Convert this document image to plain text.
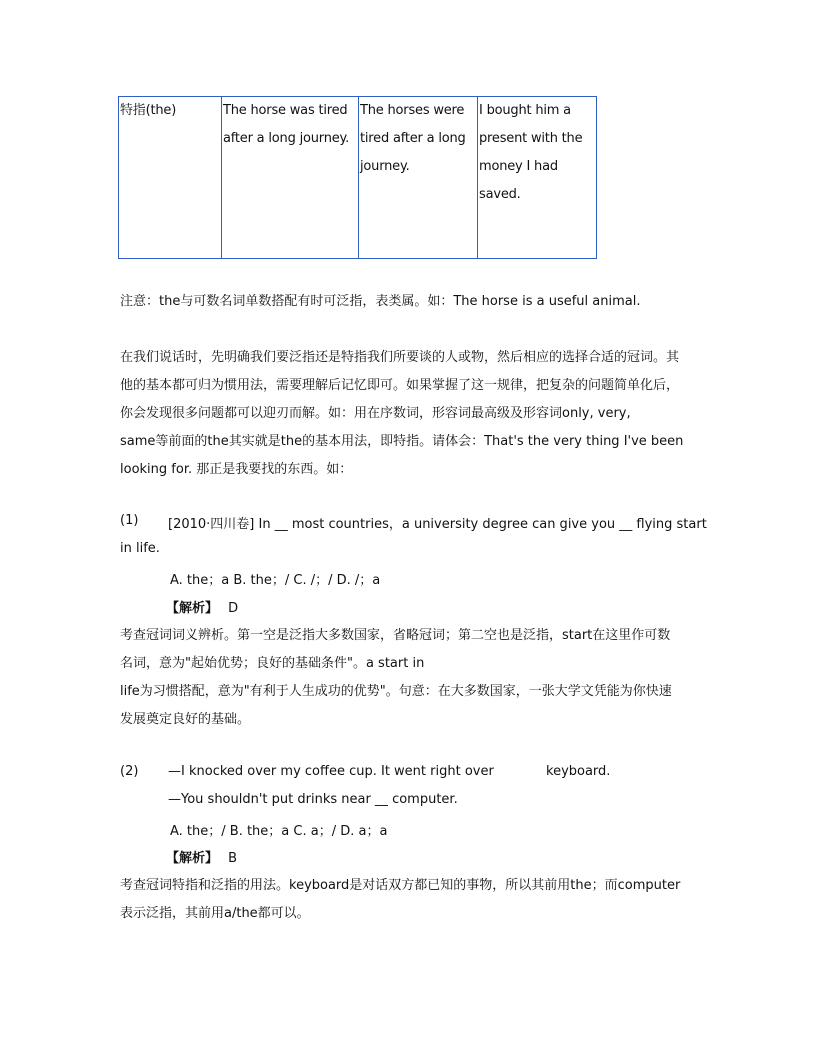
特指(the)	The horse was tired after a long journey.	The horses were tired after a long journey.	I bought him a present with the money I had saved.
注意：the与可数名词单数搭配有时可泛指，表类属。如：The horse is a useful animal.
在我们说话时，先明确我们要泛指还是特指我们所要谈的人或物，然后相应的选择合适的冠词。其
他的基本都可归为惯用法，需要理解后记忆即可。如果掌握了这一规律，把复杂的问题简单化后，
你会发现很多问题都可以迎刃而解。如：用在序数词，形容词最高级及形容词only, very,
same等前面的the其实就是the的基本用法，即特指。请体会：That's the very thing I've been
looking for. 那正是我要找的东西。如：
(1) [2010·四川卷] In __ most countries，a university degree can give you __ flying start
in life.
A. the；a B. the；/ C. /；/ D. /；a
【解析】 D
考查冠词词义辨析。第一空是泛指大多数国家，省略冠词；第二空也是泛指，start在这里作可数
名词，意为"起始优势；良好的基础条件"。a start in
life为习惯搭配，意为"有利于人生成功的优势"。句意：在大多数国家，一张大学文凭能为你快速
发展奠定良好的基础。
(2) —I knocked over my coffee cup. It went right over	keyboard.
—You shouldn't put drinks near __ computer.
A. the；/ B. the；a C. a；/ D. a；a
【解析】 B
考查冠词特指和泛指的用法。keyboard是对话双方都已知的事物，所以其前用the；而computer
表示泛指，其前用a/the都可以。
